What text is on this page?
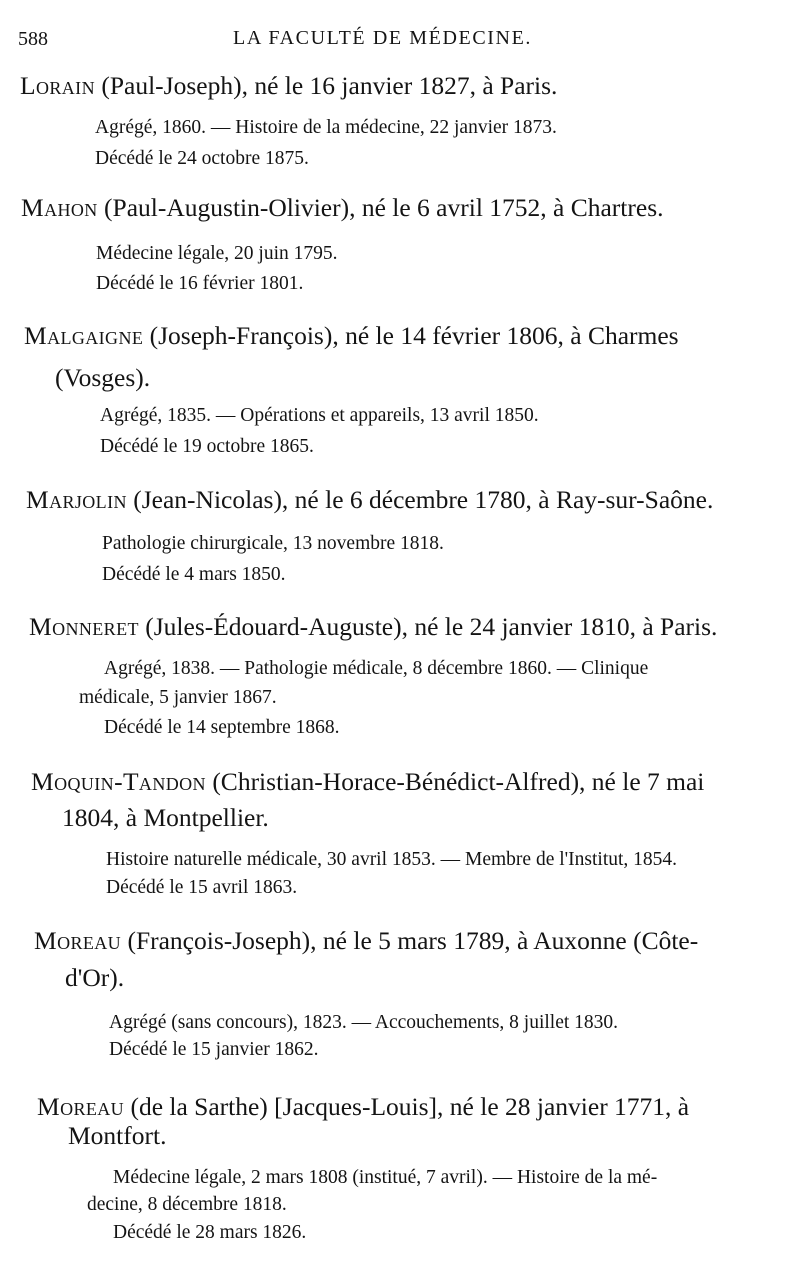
588	LA FACULTÉ DE MÉDECINE.
Lorain (Paul-Joseph), né le 16 janvier 1827, à Paris.
Agrégé, 1860. — Histoire de la médecine, 22 janvier 1873.
Décédé le 24 octobre 1875.
Mahon (Paul-Augustin-Olivier), né le 6 avril 1752, à Chartres.
Médecine légale, 20 juin 1795.
Décédé le 16 février 1801.
Malgaigne (Joseph-François), né le 14 février 1806, à Charmes
(Vosges).
Agrégé, 1835. — Opérations et appareils, 13 avril 1850.
Décédé le 19 octobre 1865.
Marjolin (Jean-Nicolas), né le 6 décembre 1780, à Ray-sur-Saône.
Pathologie chirurgicale, 13 novembre 1818.
Décédé le 4 mars 1850.
Monneret (Jules-Édouard-Auguste), né le 24 janvier 1810, à Paris.
Agrégé, 1838. — Pathologie médicale, 8 décembre 1860. — Clinique
médicale, 5 janvier 1867.
Décédé le 14 septembre 1868.
Moquin-Tandon (Christian-Horace-Bénédict-Alfred), né le 7 mai
1804, à Montpellier.
Histoire naturelle médicale, 30 avril 1853. — Membre de l'Institut, 1854.
Décédé le 15 avril 1863.
Moreau (François-Joseph), né le 5 mars 1789, à Auxonne (Côte-
d'Or).
Agrégé (sans concours), 1823. — Accouchements, 8 juillet 1830.
Décédé le 15 janvier 1862.
Moreau (de la Sarthe) [Jacques-Louis], né le 28 janvier 1771, à
Montfort.
Médecine légale, 2 mars 1808 (institué, 7 avril). — Histoire de la mé-
decine, 8 décembre 1818.
Décédé le 28 mars 1826.
